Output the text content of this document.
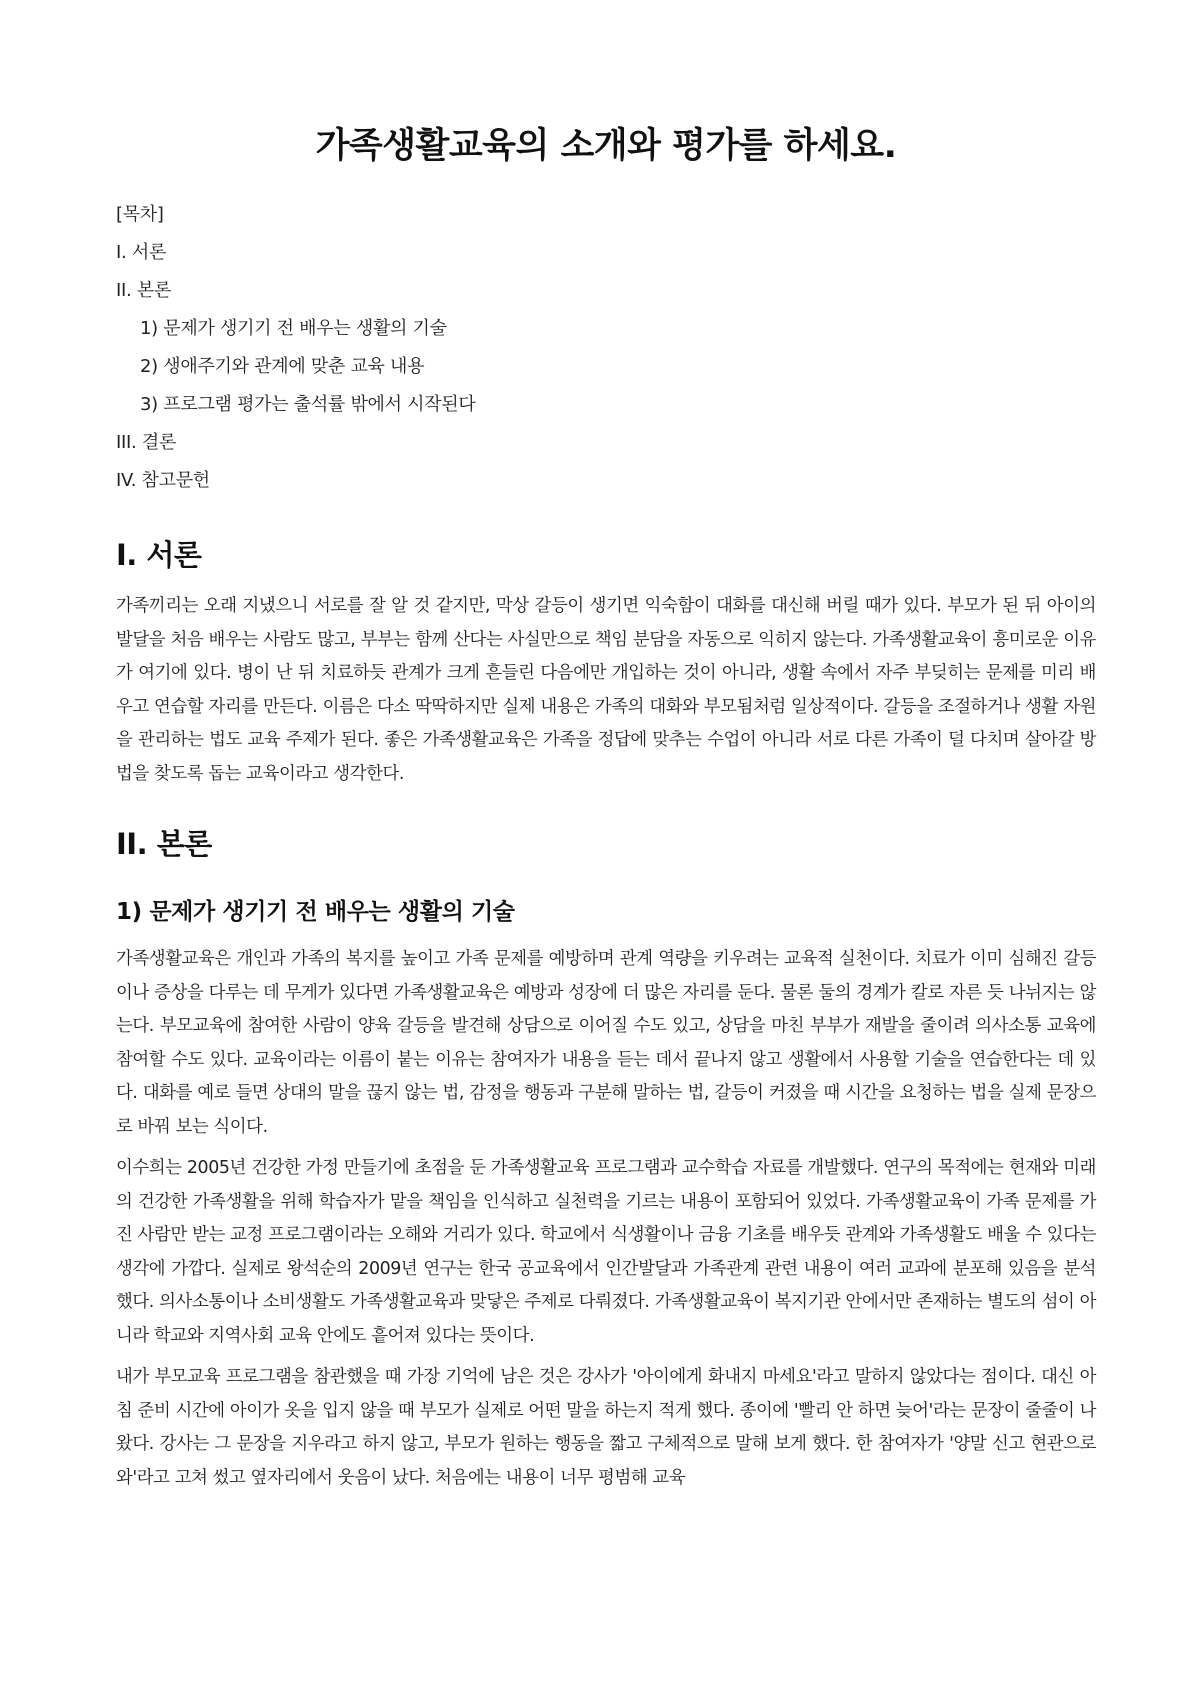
가족생활교육의 소개와 평가를 하세요.
[목차]
I. 서론
II. 본론
1) 문제가 생기기 전 배우는 생활의 기술
2) 생애주기와 관계에 맞춘 교육 내용
3) 프로그램 평가는 출석률 밖에서 시작된다
III. 결론
IV. 참고문헌
I. 서론

가족끼리는 오래 지냈으니 서로를 잘 알 것 같지만, 막상 갈등이 생기면 익숙함이 대화를 대신해 버릴 때가 있다. 부모가 된 뒤 아이의 발달을 처음 배우는 사람도 많고, 부부는 함께 산다는 사실만으로 책임 분담을 자동으로 익히지 않는다. 가족생활교육이 흥미로운 이유가 여기에 있다. 병이 난 뒤 치료하듯 관계가 크게 흔들린 다음에만 개입하는 것이 아니라, 생활 속에서 자주 부딪히는 문제를 미리 배우고 연습할 자리를 만든다. 이름은 다소 딱딱하지만 실제 내용은 가족의 대화와 부모됨처럼 일상적이다. 갈등을 조절하거나 생활 자원을 관리하는 법도 교육 주제가 된다. 좋은 가족생활교육은 가족을 정답에 맞추는 수업이 아니라 서로 다른 가족이 덜 다치며 살아갈 방법을 찾도록 돕는 교육이라고 생각한다.

II. 본론
1) 문제가 생기기 전 배우는 생활의 기술

가족생활교육은 개인과 가족의 복지를 높이고 가족 문제를 예방하며 관계 역량을 키우려는 교육적 실천이다. 치료가 이미 심해진 갈등이나 증상을 다루는 데 무게가 있다면 가족생활교육은 예방과 성장에 더 많은 자리를 둔다. 물론 둘의 경계가 칼로 자른 듯 나뉘지는 않는다. 부모교육에 참여한 사람이 양육 갈등을 발견해 상담으로 이어질 수도 있고, 상담을 마친 부부가 재발을 줄이려 의사소통 교육에 참여할 수도 있다. 교육이라는 이름이 붙는 이유는 참여자가 내용을 듣는 데서 끝나지 않고 생활에서 사용할 기술을 연습한다는 데 있다. 대화를 예로 들면 상대의 말을 끊지 않는 법, 감정을 행동과 구분해 말하는 법, 갈등이 커졌을 때 시간을 요청하는 법을 실제 문장으로 바꿔 보는 식이다.

이수희는 2005년 건강한 가정 만들기에 초점을 둔 가족생활교육 프로그램과 교수학습 자료를 개발했다. 연구의 목적에는 현재와 미래의 건강한 가족생활을 위해 학습자가 맡을 책임을 인식하고 실천력을 기르는 내용이 포함되어 있었다. 가족생활교육이 가족 문제를 가진 사람만 받는 교정 프로그램이라는 오해와 거리가 있다. 학교에서 식생활이나 금융 기초를 배우듯 관계와 가족생활도 배울 수 있다는 생각에 가깝다. 실제로 왕석순의 2009년 연구는 한국 공교육에서 인간발달과 가족관계 관련 내용이 여러 교과에 분포해 있음을 분석했다. 의사소통이나 소비생활도 가족생활교육과 맞닿은 주제로 다뤄졌다. 가족생활교육이 복지기관 안에서만 존재하는 별도의 섬이 아니라 학교와 지역사회 교육 안에도 흩어져 있다는 뜻이다.

내가 부모교육 프로그램을 참관했을 때 가장 기억에 남은 것은 강사가 '아이에게 화내지 마세요'라고 말하지 않았다는 점이다. 대신 아침 준비 시간에 아이가 옷을 입지 않을 때 부모가 실제로 어떤 말을 하는지 적게 했다. 종이에 '빨리 안 하면 늦어'라는 문장이 줄줄이 나왔다. 강사는 그 문장을 지우라고 하지 않고, 부모가 원하는 행동을 짧고 구체적으로 말해 보게 했다. 한 참여자가 '양말 신고 현관으로 와'라고 고쳐 썼고 옆자리에서 웃음이 났다. 처음에는 내용이 너무 평범해 교육
